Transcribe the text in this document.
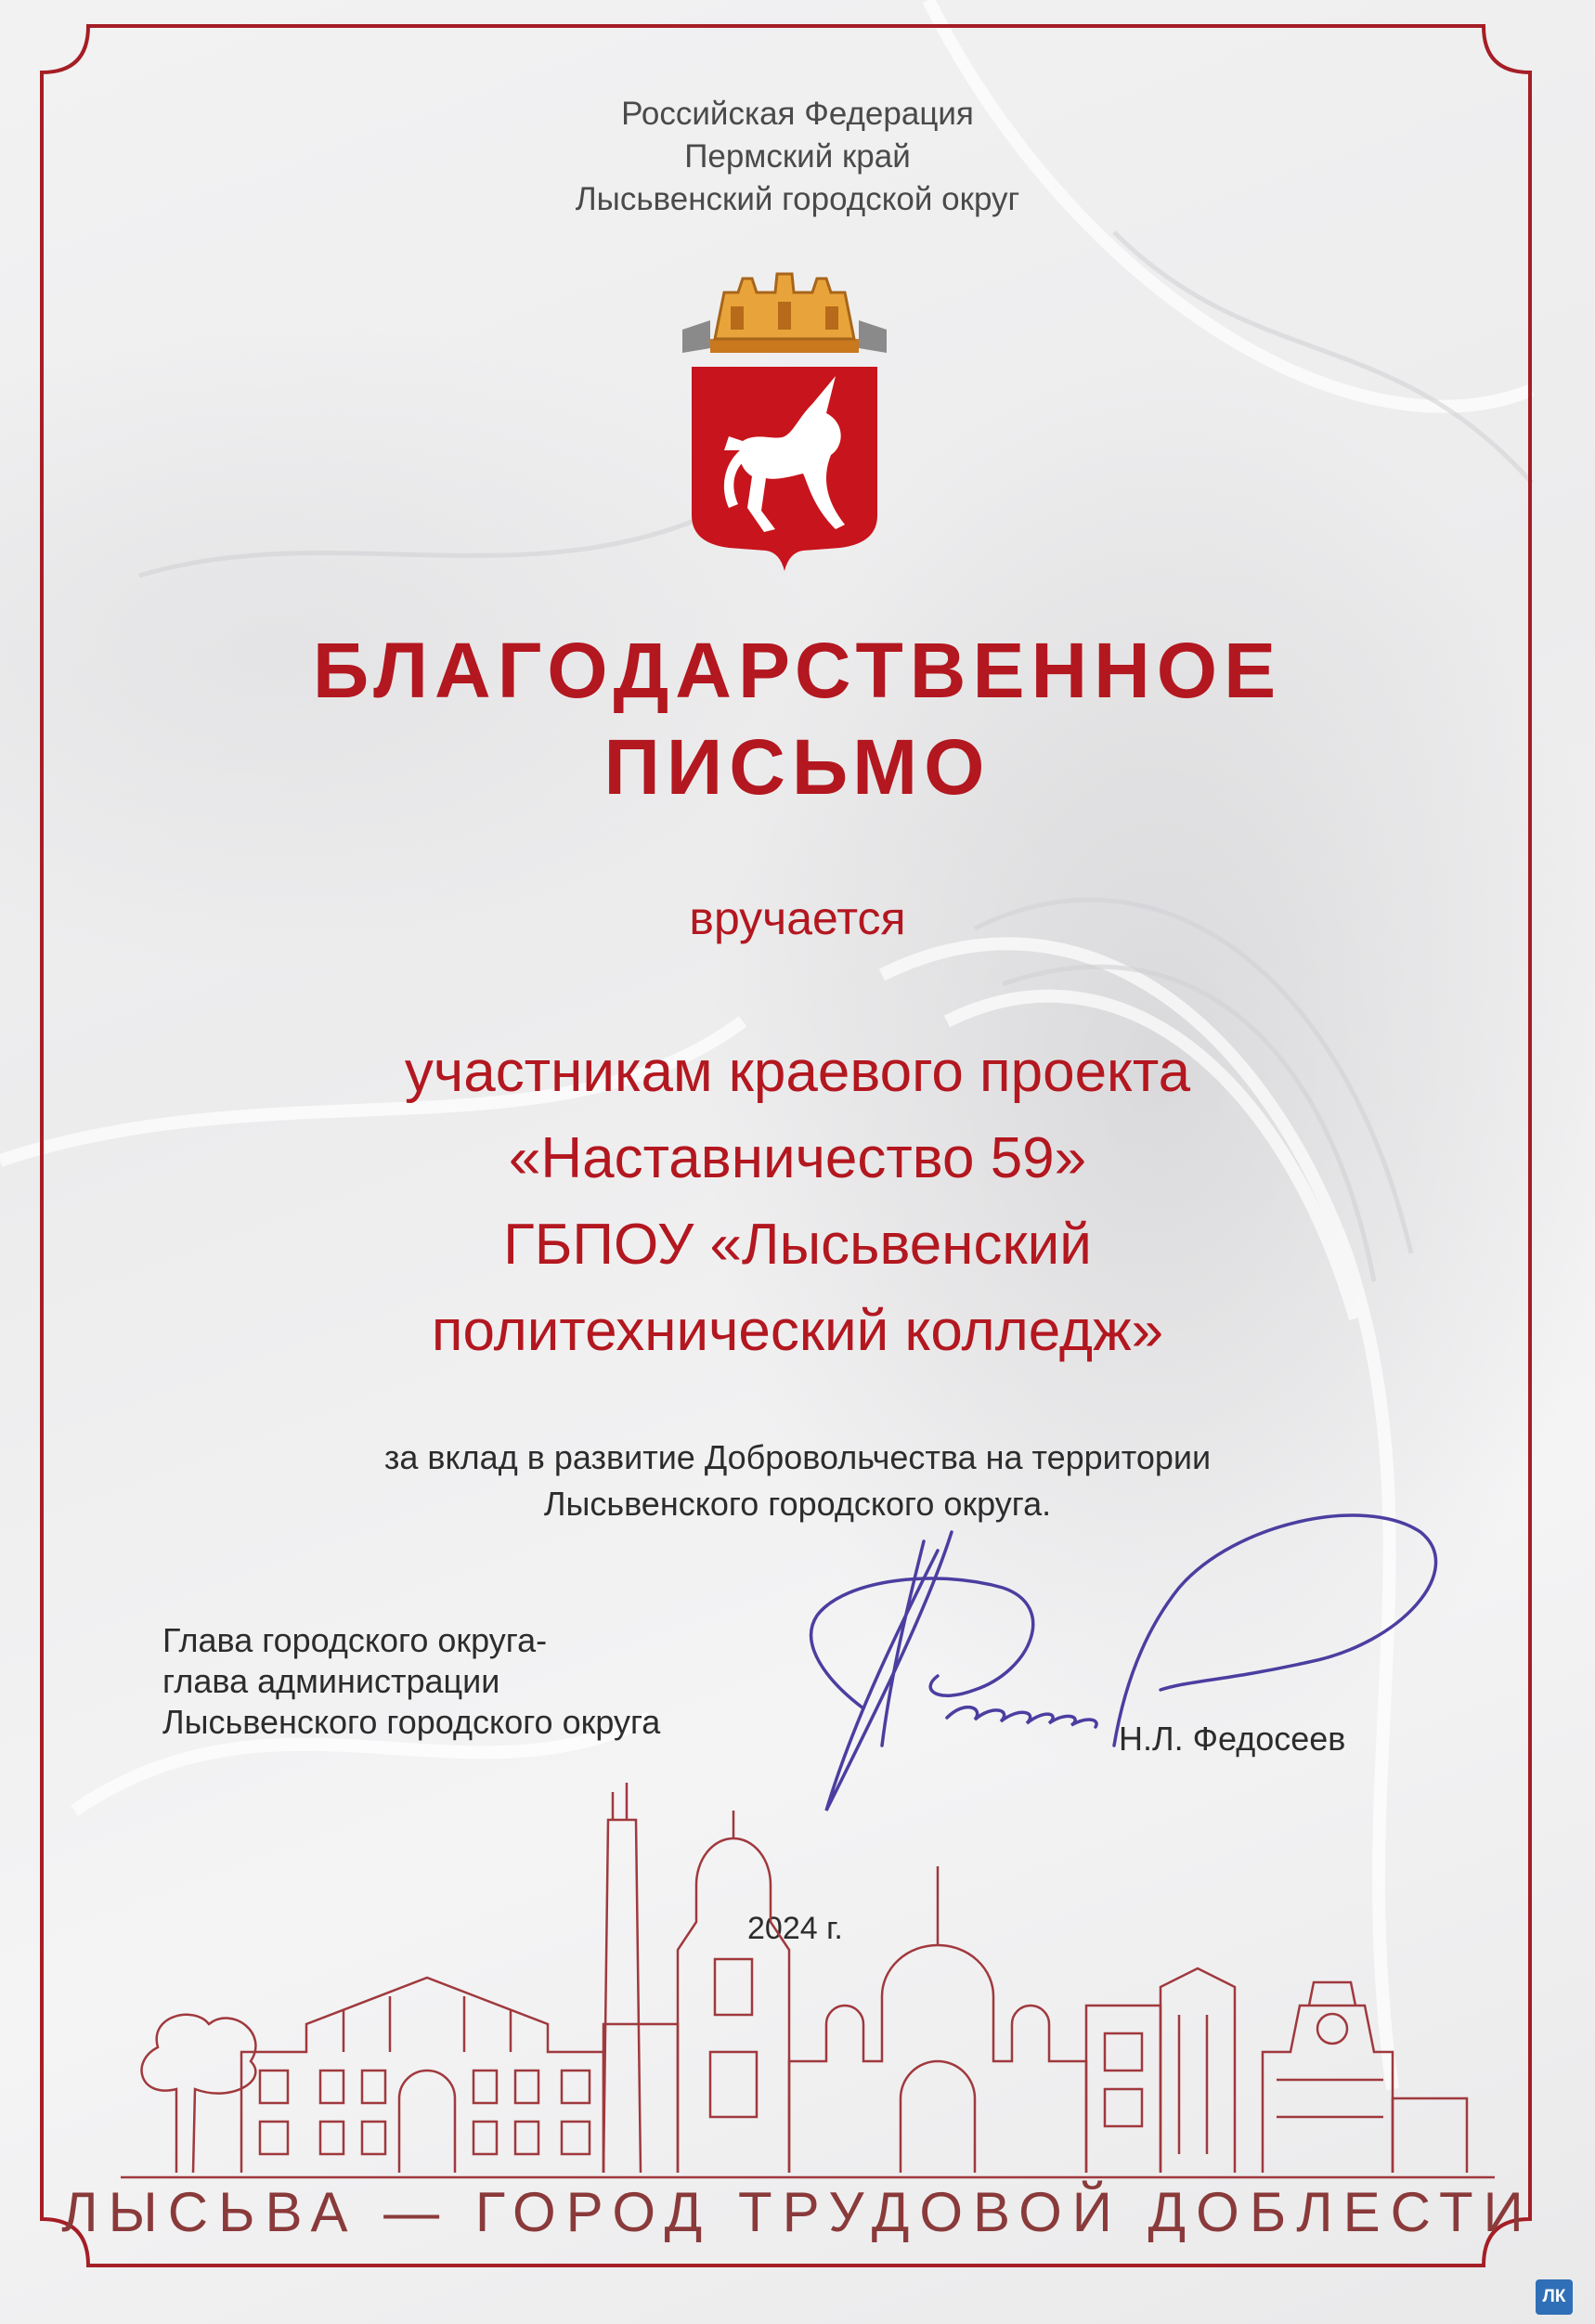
Российская Федерация
Пермский край
Лысьвенский городской округ
БЛАГОДАРСТВЕННОЕ
ПИСЬМО
вручается
участникам краевого проекта
«Наставничество 59»
ГБПОУ «Лысьвенский
политехнический колледж»
за вклад в развитие Добровольчества на территории
Лысьвенского городского округа.
Глава городского округа-
глава администрации
Лысьвенского городского округа	Н.Л. Федосеев
2024 г.
ЛЫСЬВА — ГОРОД ТРУДОВОЙ ДОБЛЕСТИ
ЛК
